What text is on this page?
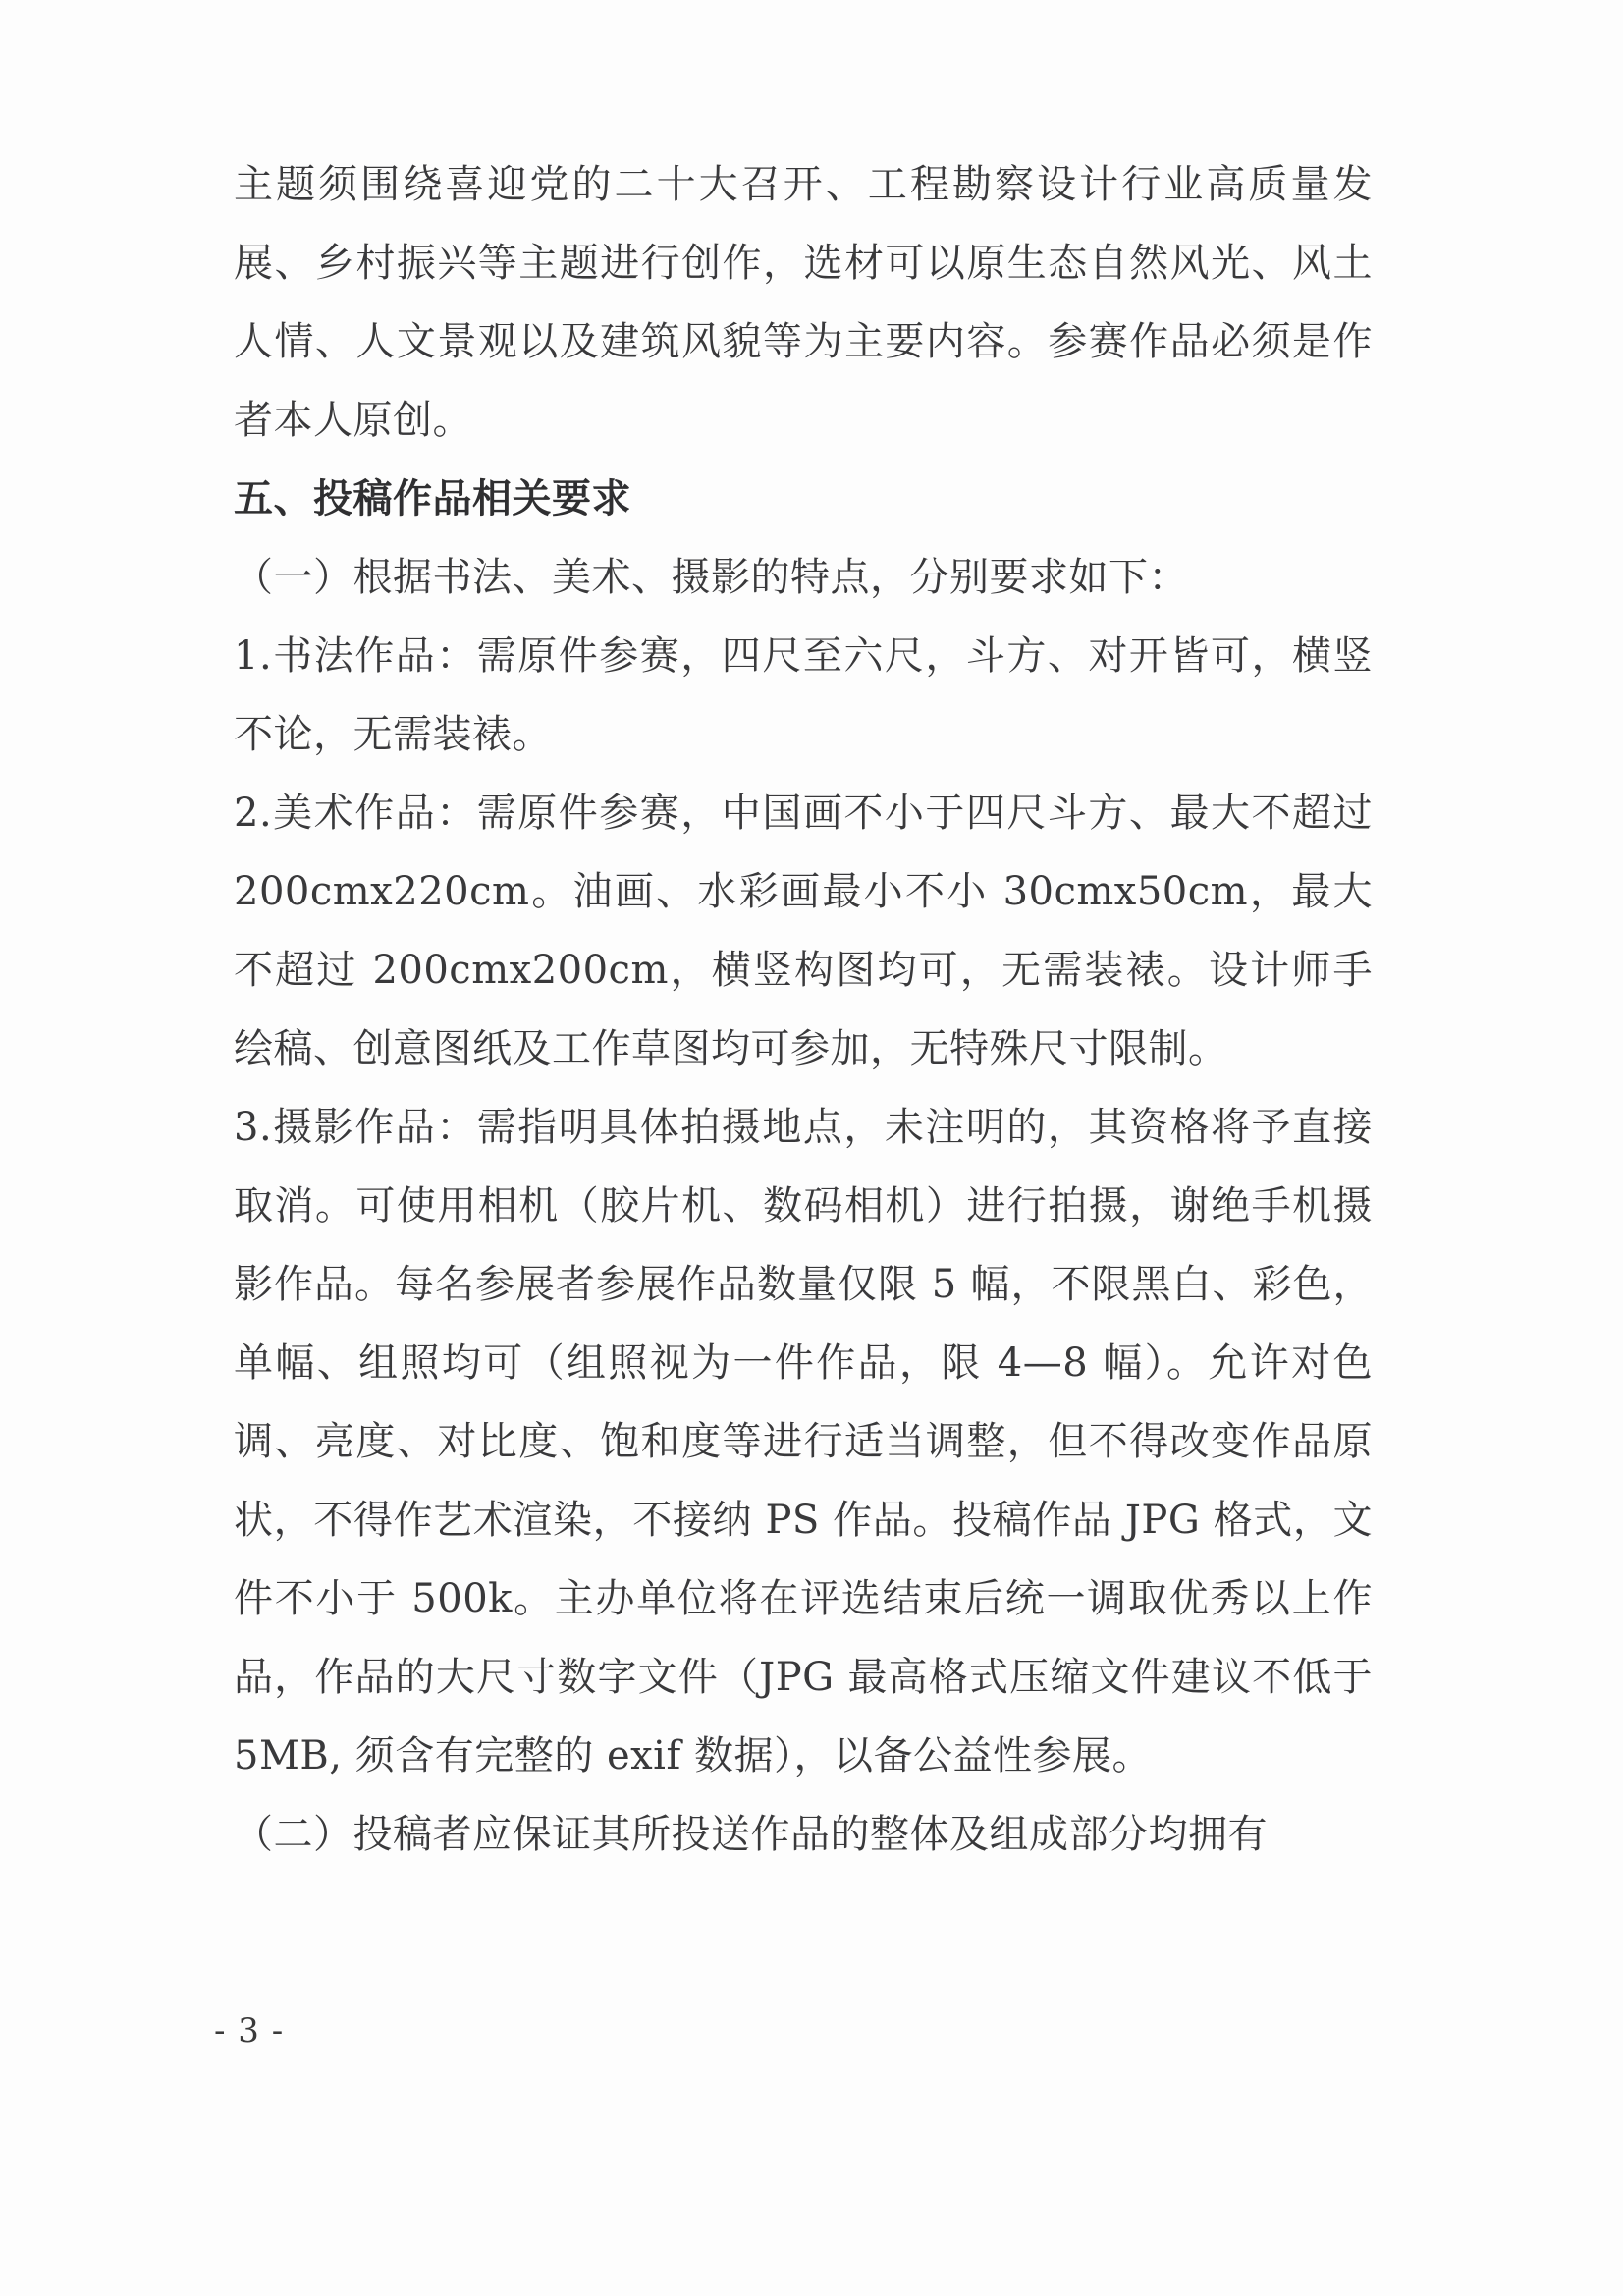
主题须围绕喜迎党的二十大召开、工程勘察设计行业高质量发展、乡村振兴等主题进行创作，选材可以原生态自然风光、风土人情、人文景观以及建筑风貌等为主要内容。参赛作品必须是作者本人原创。

五、投稿作品相关要求

（一）根据书法、美术、摄影的特点，分别要求如下：

1.书法作品：需原件参赛，四尺至六尺，斗方、对开皆可，横竖不论，无需装裱。

2.美术作品：需原件参赛，中国画不小于四尺斗方、最大不超过 200cmx220cm。油画、水彩画最小不小 30cmx50cm，最大不超过 200cmx200cm，横竖构图均可，无需装裱。设计师手绘稿、创意图纸及工作草图均可参加，无特殊尺寸限制。

3.摄影作品：需指明具体拍摄地点，未注明的，其资格将予直接取消。可使用相机（胶片机、数码相机）进行拍摄，谢绝手机摄影作品。每名参展者参展作品数量仅限 5 幅，不限黑白、彩色，单幅、组照均可（组照视为一件作品，限 4—8 幅）。允许对色调、亮度、对比度、饱和度等进行适当调整，但不得改变作品原状，不得作艺术渲染，不接纳 PS 作品。投稿作品 JPG 格式，文件不小于 500k。主办单位将在评选结束后统一调取优秀以上作品，作品的大尺寸数字文件（JPG 最高格式压缩文件建议不低于 5MB, 须含有完整的 exif 数据），以备公益性参展。

（二）投稿者应保证其所投送作品的整体及组成部分均拥有

- 3 -
